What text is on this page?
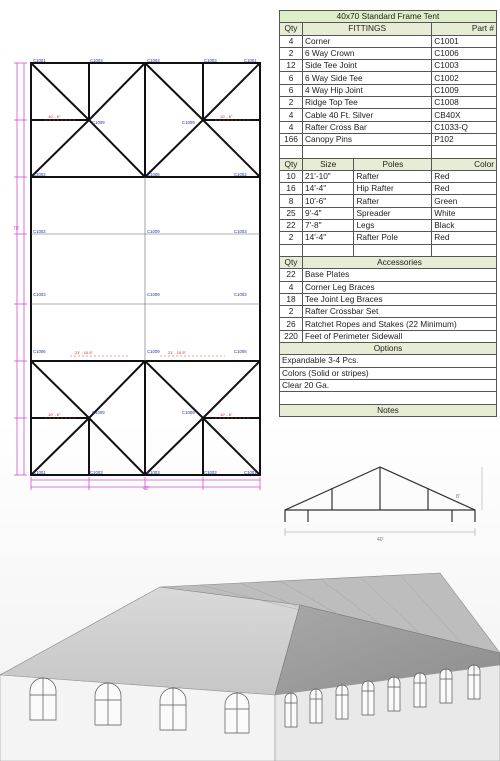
70'
40'
C1001	C1003	C1003	C1003	C1001
C1002	C1006	C1002
C1003	C1009	C1003
C1003	C1009	C1003
C1006	C1009	C1006
C1009	C1009
C1009	C1009
C1001	C1003	C1003	C1003	C1001
10' - 6"	10' - 6"
10' - 6"	10' - 6"
21' - 10.5"	21' - 10.5"
40x70 Standard Frame Tent			
Qty	FITTINGS		Part #
4	Corner		C1001
2	6 Way Crown		C1006
12	Side Tee Joint		C1003
6	6 Way Side Tee		C1002
6	4 Way Hip Joint		C1009
2	Ridge Top Tee		C1008
4	Cable 40 Ft. Silver		CB40X
4	Rafter Cross Bar		C1033-Q
166	Canopy Pins		P102

Qty	Size	Poles	Color
10	21'-10"	Rafter	Red
16	14'-4"	Hip Rafter	Red
8	10'-6"	Rafter	Green
25	9'-4"	Spreader	White
22	7'-8"	Legs	Black
2	14'-4"	Rafter Pole	Red

Qty	Accessories		
22	Base Plates		
4	Corner Leg Braces		
18	Tee Joint Leg Braces		
2	Rafter Crossbar Set		
26	Ratchet Ropes and Stakes (22 Minimum)		
220	Feet of Perimeter Sidewall		
Options			
Expandable 3-4 Pcs.			
Colors (Solid or stripes)			
Clear 20 Ga.			

Notes			
40'
8'
